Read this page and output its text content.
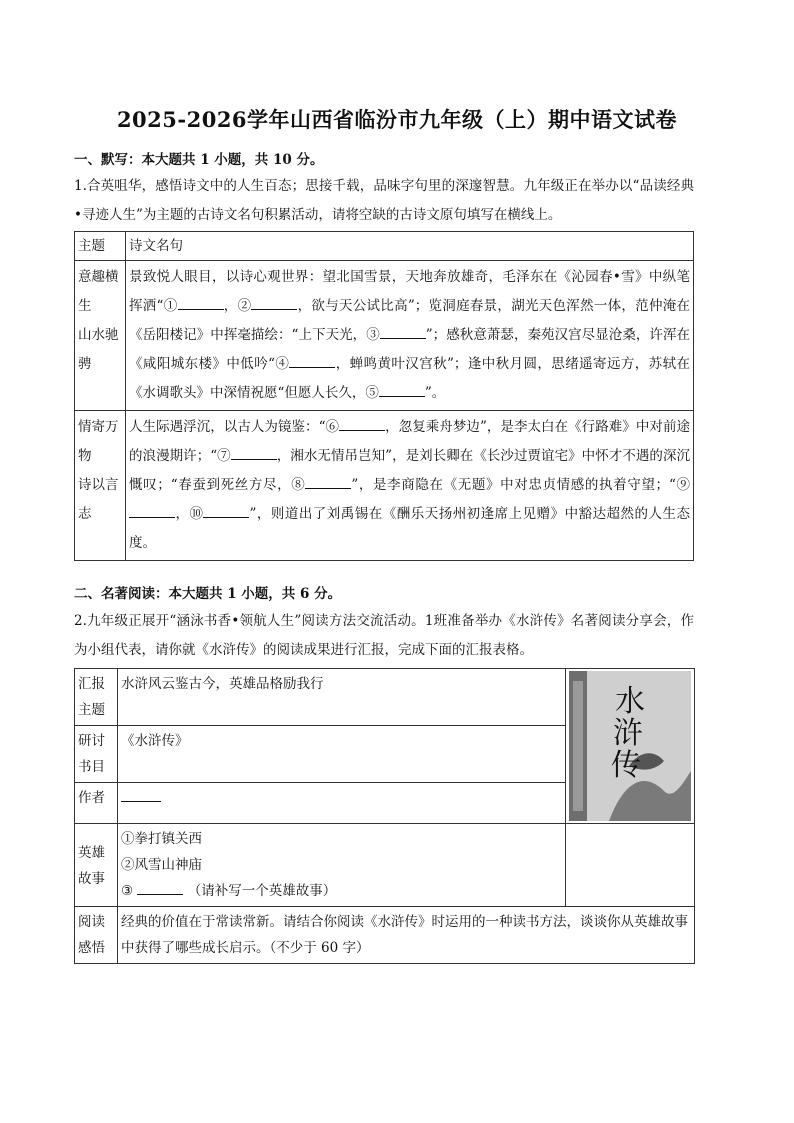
2025-2026学年山西省临汾市九年级（上）期中语文试卷
一、默写：本大题共 1 小题，共 10 分。
1.合英咀华，感悟诗文中的人生百态；思接千载，品味字句里的深邃智慧。九年级正在举办以“品读经典•寻迹人生”为主题的古诗文名句积累活动，请将空缺的古诗文原句填写在横线上。
主题	诗文名句
意趣横生
山水驰骋	景致悦人眼目，以诗心观世界：望北国雪景，天地奔放雄奇，毛泽东在《沁园春•雪》中纵笔挥洒“① ，② ，欲与天公试比高”；览洞庭春景，湖光天色浑然一体，范仲淹在《岳阳楼记》中挥毫描绘：“上下天光，③ ”；感秋意萧瑟，秦苑汉宫尽显沧桑，许浑在《咸阳城东楼》中低吟“④ ，蝉鸣黄叶汉宫秋”；逢中秋月圆，思绪遥寄远方，苏轼在《水调歌头》中深情祝愿“但愿人长久，⑤ ”。
情寄万物
诗以言志	人生际遇浮沉，以古人为镜鉴：“⑥ ，忽复乘舟梦边”，是李太白在《行路难》中对前途的浪漫期许；“⑦ ，湘水无情吊岂知”，是刘长卿在《长沙过贾谊宅》中怀才不遇的深沉慨叹；“春蚕到死丝方尽，⑧ ”，是李商隐在《无题》中对忠贞情感的执着守望；“⑨，⑩ ”，则道出了刘禹锡在《酬乐天扬州初逢席上见赠》中豁达超然的人生态度。
二、名著阅读：本大题共 1 小题，共 6 分。
2.九年级正展开“涵泳书香•领航人生”阅读方法交流活动。1班准备举办《水浒传》名著阅读分享会，作为小组代表，请你就《水浒传》的阅读成果进行汇报，完成下面的汇报表格。
汇报主题	水浒风云鉴古今，英雄品格励我行	水
浒
传

研讨书目	《水浒传》	
作者		
英雄故事	①拳打镇关西
②风雪山神庙
③ （请补写一个英雄故事）	

阅读感悟	经典的价值在于常读常新。请结合你阅读《水浒传》时运用的一种读书方法，谈谈你从英雄故事中获得了哪些成长启示。（不少于 60 字）	
